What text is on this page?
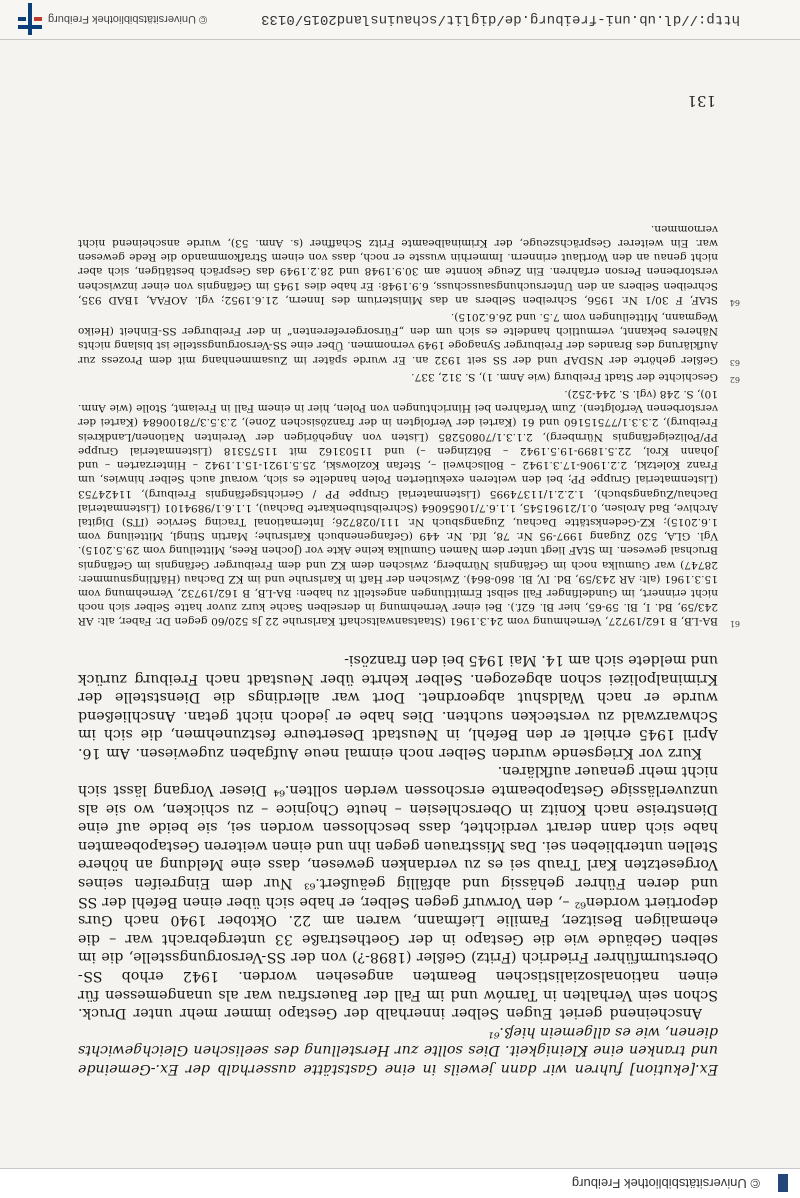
© Universitätsbibliothek Freiburg

Ex.[ekution] fuhren wir dann jeweils in eine Gaststätte ausserhalb der Ex.-Gemeinde und tranken eine Kleinigkeit. Dies sollte zur Herstellung des seelischen Gleichgewichts dienen, wie es allgemein hieß.⁶¹

Anscheinend geriet Eugen Selber innerhalb der Gestapo immer mehr unter Druck. Schon sein Verhalten in Tarnów und im Fall der Bauersfrau war als unangemessen für einen nationalsozialistischen Beamten angesehen worden. 1942 erhob SS-Obersturmführer Friedrich (Fritz) Geßler (1898-?) von der SS-Versorgungsstelle, die im selben Gebäude wie die Gestapo in der Goethestraße 33 untergebracht war – die ehemaligen Besitzer, Familie Liefmann, waren am 22. Oktober 1940 nach Gurs deportiert worden⁶² –, den Vorwurf gegen Selber, er habe sich über einen Befehl der SS und deren Führer gehässig und abfällig geäußert.⁶³ Nur dem Eingreifen seines Vorgesetzten Karl Traub sei es zu verdanken gewesen, dass eine Meldung an höhere Stellen unterblieben sei. Das Misstrauen gegen ihn und einen weiteren Gestapobeamten habe sich dann derart verdichtet, dass beschlossen worden sei, sie beide auf eine Dienstreise nach Konitz in Oberschlesien – heute Chojnice – zu schicken, wo sie als unzuverlässige Gestapobeamte erschossen werden sollten.⁶⁴ Dieser Vorgang lässt sich nicht mehr genauer aufklären.

Kurz vor Kriegsende wurden Selber noch einmal neue Aufgaben zugewiesen. Am 16. April 1945 erhielt er den Befehl, in Neustadt Deserteure festzunehmen, die sich im Schwarzwald zu verstecken suchten. Dies habe er jedoch nicht getan. Anschließend wurde er nach Waldshut abgeordnet. Dort war allerdings die Dienststelle der Kriminalpolizei schon abgezogen. Selber kehrte über Neustadt nach Freiburg zurück und meldete sich am 14. Mai 1945 bei den französi-

61
BA-LB, B 162/19727, Vernehmung vom 24.3.1961 (Staatsanwaltschaft Karlsruhe 22 Js 520/60 gegen Dr. Faber, alt: AR 243/59, Bd. I, Bl. 59-65, hier Bl. 62f.). Bei einer Vernehmung in derselben Sache kurz zuvor hatte Selber sich noch nicht erinnert, im Gundelfinger Fall selbst Ermittlungen angestellt zu haben: BA-LB, B 162/19732, Vernehmung vom 15.3.1961 (alt: AR 243/59, Bd. IV, Bl. 860-864). Zwischen der Haft in Karlsruhe und im KZ Dachau (Häftlingsnummer: 28747) war Gumulka noch im Gefängnis Nürnberg, zwischen dem KZ und dem Freiburger Gefängnis im Gefängnis Bruchsal gewesen. Im StAF liegt unter dem Namen Gumulka keine Akte vor (Jochen Rees, Mitteilung vom 29.5.2015). Vgl. GLA, 520 Zugang 1997-95 Nr. 78, lfd. Nr. 449 (Gefangenenbuch Karlsruhe; Martin Stingl, Mitteilung vom 1.6.2015); KZ-Gedenkstätte Dachau, Zugangsbuch Nr. 111/028726; International Tracing Service (ITS) Digital Archive, Bad Arolsen, 0.1/21961545, 1.1.6.7/10656064 (Schreibstubenkarte Dachau), 1.1.6.1/9894101 (Listenmaterial Dachau/Zugangsbuch), 1.2.2.1/11374995 (Listenmaterial Gruppe PP / Gerichtsgefängnis Freiburg), 11424753 (Listenmaterial Gruppe PP; bei den weiteren exekutierten Polen handelte es sich, worauf auch Selber hinwies, um Franz Koletzki, 2.2.1906-17.3.1942 – Bollschweil –, Stefan Kozlowski, 25.5.1921-15.1.1942 – Hinterzarten – und Johann Krol, 22.5.1899-19.5.1942 – Bötzingen –) und 11503162 mit 11575318 (Listenmaterial Gruppe PP/Polizeigefängnis Nürnberg), 2.1.3.1/70805285 (Listen von Angehörigen der Vereinten Nationen/Landkreis Freiburg), 2.3.3.1/77515160 und 61 (Kartei der Verfolgten in der französischen Zone), 2.3.5.3/78100684 (Kartei der verstorbenen Verfolgten). Zum Verfahren bei Hinrichtungen von Polen, hier in einem Fall in Freiamt, Stolle (wie Anm. 10), S. 248 (vgl. S. 244-252).

62
Geschichte der Stadt Freiburg (wie Anm. 1), S. 312, 337.

63
Geßler gehörte der NSDAP und der SS seit 1932 an. Er wurde später im Zusammenhang mit dem Prozess zur Aufklärung des Brandes der Freiburger Synagoge 1949 vernommen. Über eine SS-Versorgungsstelle ist bislang nichts Näheres bekannt, vermutlich handelte es sich um den „Fürsorgereferenten“ in der Freiburger SS-Einheit (Heiko Wegmann, Mitteilungen vom 7.5. und 26.6.2015).

64
StAF, F 30/1 Nr. 1956, Schreiben Selbers an das Ministerium des Innern, 21.6.1952; vgl. AOFAA, 1BAD 935, Schreiben Selbers an den Untersuchungsausschuss, 6.9.1948: Er habe dies 1945 im Gefängnis von einer inzwischen verstorbenen Person erfahren. Ein Zeuge konnte am 30.9.1948 und 28.2.1949 das Gespräch bestätigen, sich aber nicht genau an den Wortlaut erinnern. Immerhin wusste er noch, dass von einem Strafkommando die Rede gewesen war. Ein weiterer Gesprächszeuge, der Kriminalbeamte Fritz Schaffner (s. Anm. 53), wurde anscheinend nicht vernommen.

131
http://dl.ub.uni-freiburg.de/diglit/schauinsland2015/0133
© Universitätsbibliothek Freiburg
